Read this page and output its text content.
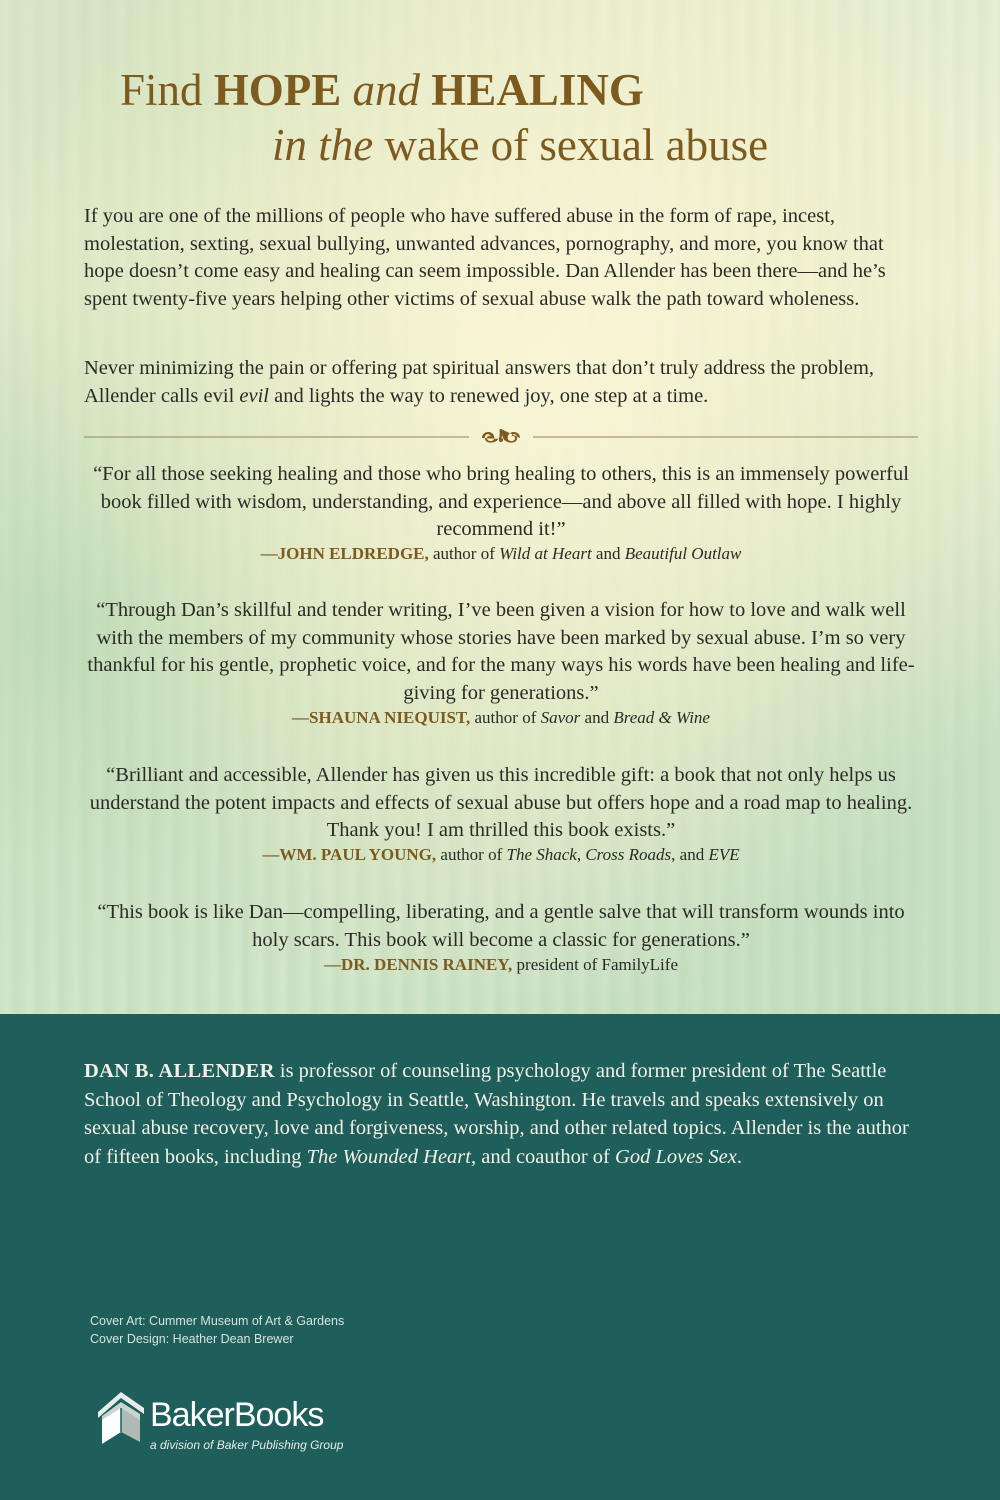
Find HOPE and HEALING
in the wake of sexual abuse
If you are one of the millions of people who have suffered abuse in the form of rape, incest, molestation, sexting, sexual bullying, unwanted advances, pornography, and more, you know that hope doesn’t come easy and healing can seem impossible. Dan Allender has been there—and he’s spent twenty-five years helping other victims of sexual abuse walk the path toward wholeness.
Never minimizing the pain or offering pat spiritual answers that don’t truly address the problem, Allender calls evil evil and lights the way to renewed joy, one step at a time.
“For all those seeking healing and those who bring healing to others, this is an immensely powerful book filled with wisdom, understanding, and experience—and above all filled with hope. I highly recommend it!”
—JOHN ELDREDGE, author of Wild at Heart and Beautiful Outlaw
“Through Dan’s skillful and tender writing, I’ve been given a vision for how to love and walk well with the members of my community whose stories have been marked by sexual abuse. I’m so very thankful for his gentle, prophetic voice, and for the many ways his words have been healing and life-giving for generations.”
—SHAUNA NIEQUIST, author of Savor and Bread & Wine
“Brilliant and accessible, Allender has given us this incredible gift: a book that not only helps us understand the potent impacts and effects of sexual abuse but offers hope and a road map to healing. Thank you! I am thrilled this book exists.”
—WM. PAUL YOUNG, author of The Shack, Cross Roads, and EVE
“This book is like Dan—compelling, liberating, and a gentle salve that will transform wounds into holy scars. This book will become a classic for generations.”
—DR. DENNIS RAINEY, president of FamilyLife
DAN B. ALLENDER is professor of counseling psychology and former president of The Seattle School of Theology and Psychology in Seattle, Washington. He travels and speaks extensively on sexual abuse recovery, love and forgiveness, worship, and other related topics. Allender is the author of fifteen books, including The Wounded Heart, and coauthor of God Loves Sex.
Cover Art: Cummer Museum of Art & Gardens
Cover Design: Heather Dean Brewer
BakerBooks
a division of Baker Publishing Group
